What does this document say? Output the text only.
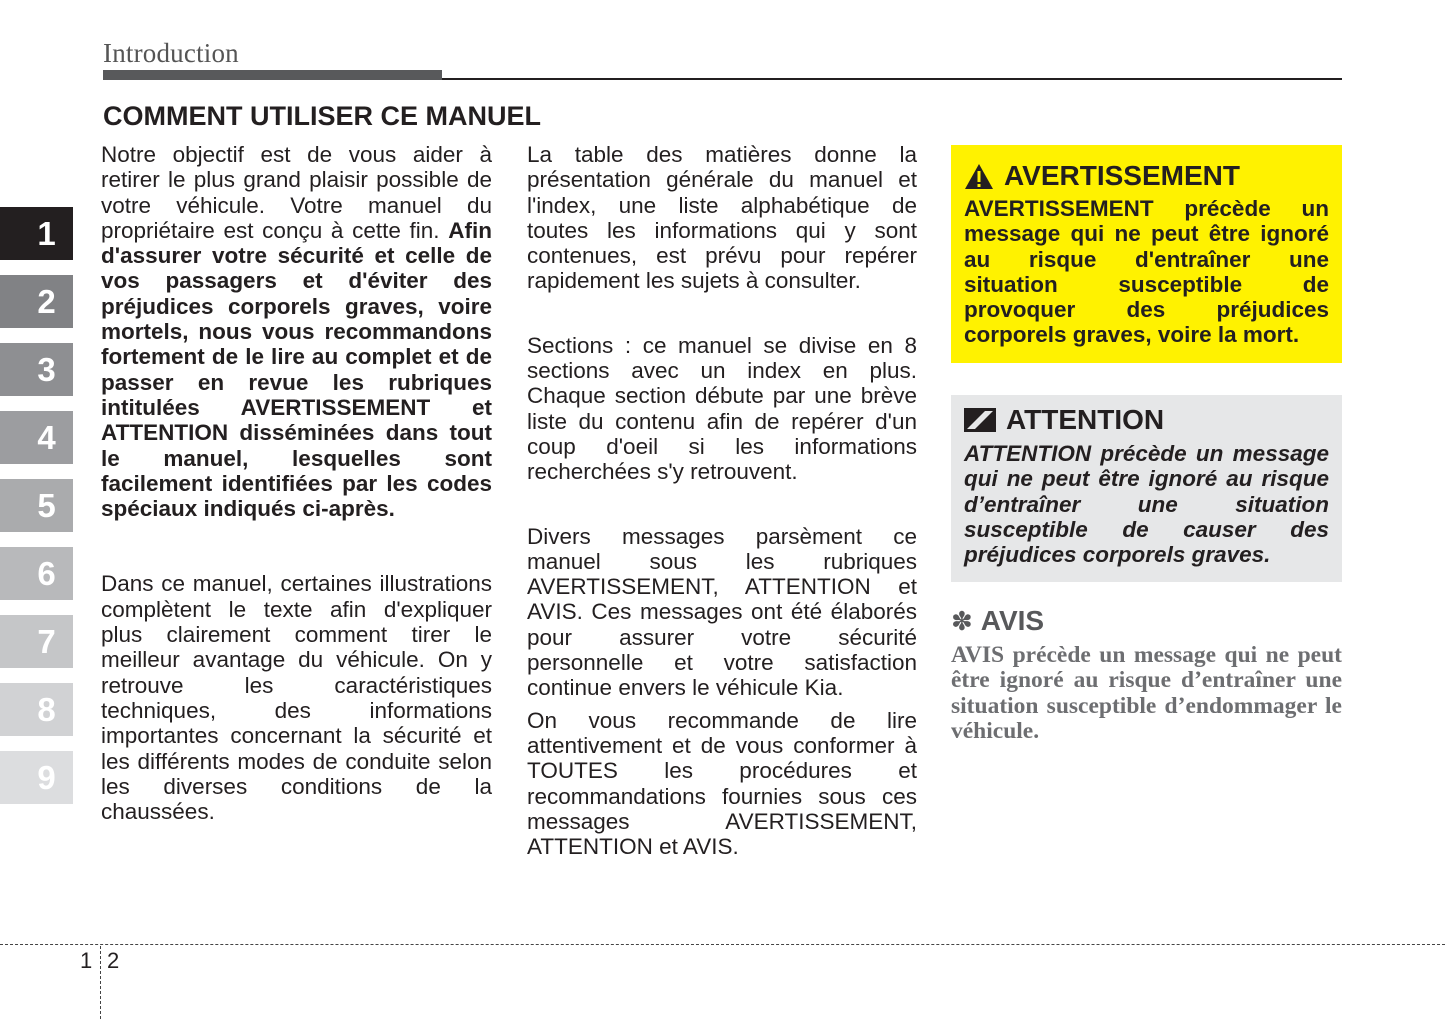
Introduction
COMMENT UTILISER CE MANUEL
1
2
3
4
5
6
7
8
9

Notre objectif est de vous aider à retirer le plus grand plaisir possible de votre véhicule. Votre manuel du propriétaire est conçu à cette fin. Afin d'assurer votre sécurité et celle de vos passagers et d'éviter des préjudices corporels graves, voire mortels, nous vous recommandons fortement de le lire au complet et de passer en revue les rubriques intitulées AVERTISSEMENT et ATTENTION disséminées dans tout le manuel, lesquelles sont facilement identifiées par les codes spéciaux indiqués ci-après.

Dans ce manuel, certaines illustrations complètent le texte afin d'expliquer plus clairement comment tirer le meilleur avantage du véhicule. On y retrouve les caractéristiques techniques, des informations importantes concernant la sécurité et les différents modes de conduite selon les diverses conditions de la chaussées.

La table des matières donne la présentation générale du manuel et l'index, une liste alphabétique de toutes les informations qui y sont contenues, est prévu pour repérer rapidement les sujets à consulter.

Sections : ce manuel se divise en 8 sections avec un index en plus. Chaque section débute par une brève liste du contenu afin de repérer d'un coup d'oeil si les informations recherchées s'y retrouvent.

Divers messages parsèment ce manuel sous les rubriques AVERTISSEMENT, ATTENTION et AVIS. Ces messages ont été élaborés pour assurer votre sécurité personnelle et votre satisfaction continue envers le véhicule Kia.

On vous recommande de lire attentivement et de vous conformer à TOUTES les procédures et recommandations fournies sous ces messages AVERTISSEMENT, ATTENTION et AVIS.

AVERTISSEMENT

AVERTISSEMENT précède un message qui ne peut être ignoré au risque d'entraîner une situation susceptible de provoquer des préjudices corporels graves, voire la mort.

ATTENTION

ATTENTION précède un message qui ne peut être ignoré au risque d’entraîner une situation susceptible de causer des préjudices corporels graves.

✽ AVIS

AVIS précède un message qui ne peut être ignoré au risque d’entraîner une situation susceptible d’endommager le véhicule.

1 2
